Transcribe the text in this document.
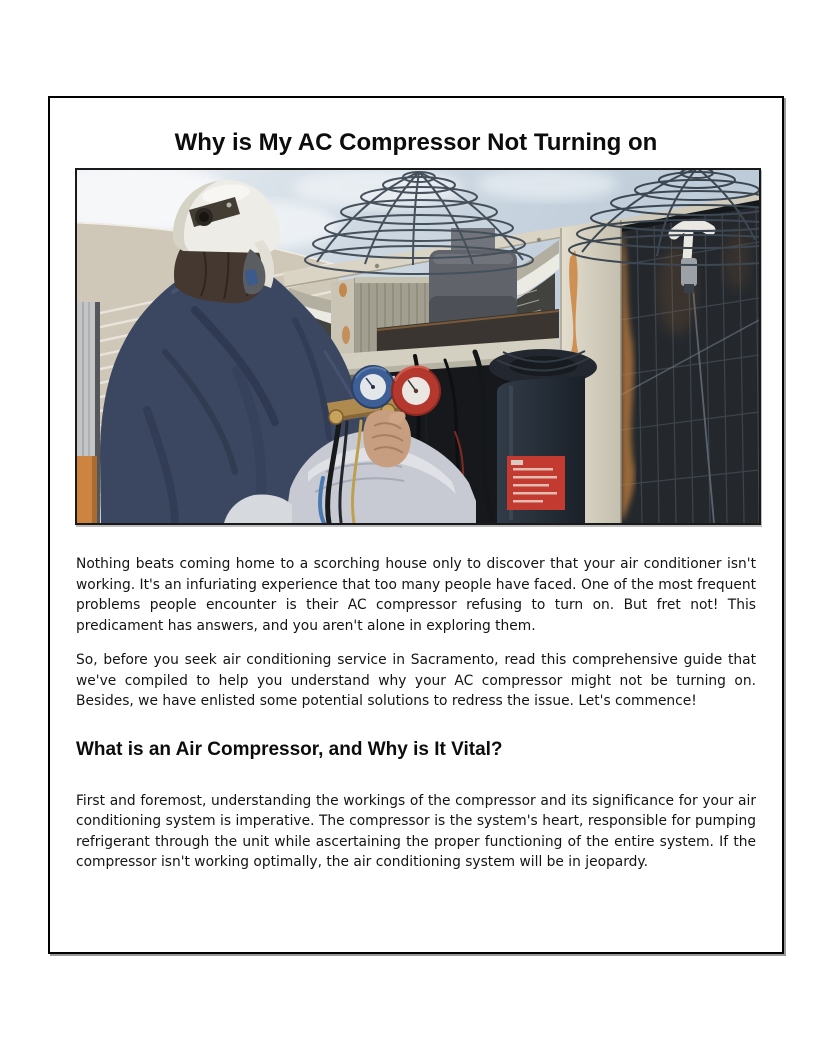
Why is My AC Compressor Not Turning on

Nothing beats coming home to a scorching house only to discover that your air conditioner isn't working. It's an infuriating experience that too many people have faced. One of the most frequent problems people encounter is their AC compressor refusing to turn on. But fret not! This predicament has answers, and you aren't alone in exploring them.

So, before you seek air conditioning service in Sacramento, read this comprehensive guide that we've compiled to help you understand why your AC compressor might not be turning on. Besides, we have enlisted some potential solutions to redress the issue. Let's commence!

What is an Air Compressor, and Why is It Vital?

First and foremost, understanding the workings of the compressor and its significance for your air conditioning system is imperative. The compressor is the system's heart, responsible for pumping refrigerant through the unit while ascertaining the proper functioning of the entire system. If the compressor isn't working optimally, the air conditioning system will be in jeopardy.
